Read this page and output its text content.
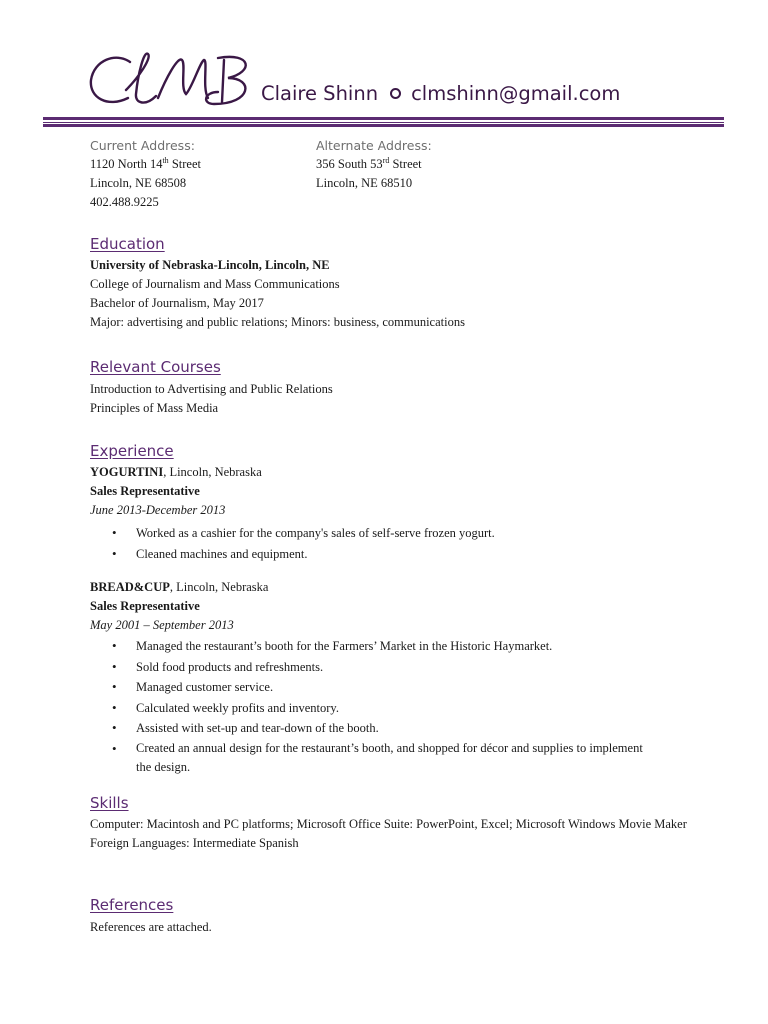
Claire Shinn clmshinn@gmail.com
Current Address:
1120 North 14th Street
Lincoln, NE 68508
402.488.9225
Alternate Address:
356 South 53rd Street
Lincoln, NE 68510
Education
University of Nebraska-Lincoln, Lincoln, NE
College of Journalism and Mass Communications
Bachelor of Journalism, May 2017
Major: advertising and public relations; Minors: business, communications
Relevant Courses
Introduction to Advertising and Public Relations
Principles of Mass Media
Experience
YOGURTINI, Lincoln, Nebraska
Sales Representative
June 2013-December 2013
• Worked as a cashier for the company's sales of self-serve frozen yogurt.
• Cleaned machines and equipment.
BREAD&CUP, Lincoln, Nebraska
Sales Representative
May 2001 – September 2013
• Managed the restaurant’s booth for the Farmers’ Market in the Historic Haymarket.
• Sold food products and refreshments.
• Managed customer service.
• Calculated weekly profits and inventory.
• Assisted with set-up and tear-down of the booth.
• Created an annual design for the restaurant’s booth, and shopped for décor and supplies to implement the design.
Skills
Computer: Macintosh and PC platforms; Microsoft Office Suite: PowerPoint, Excel; Microsoft Windows Movie Maker
Foreign Languages: Intermediate Spanish
References
References are attached.
